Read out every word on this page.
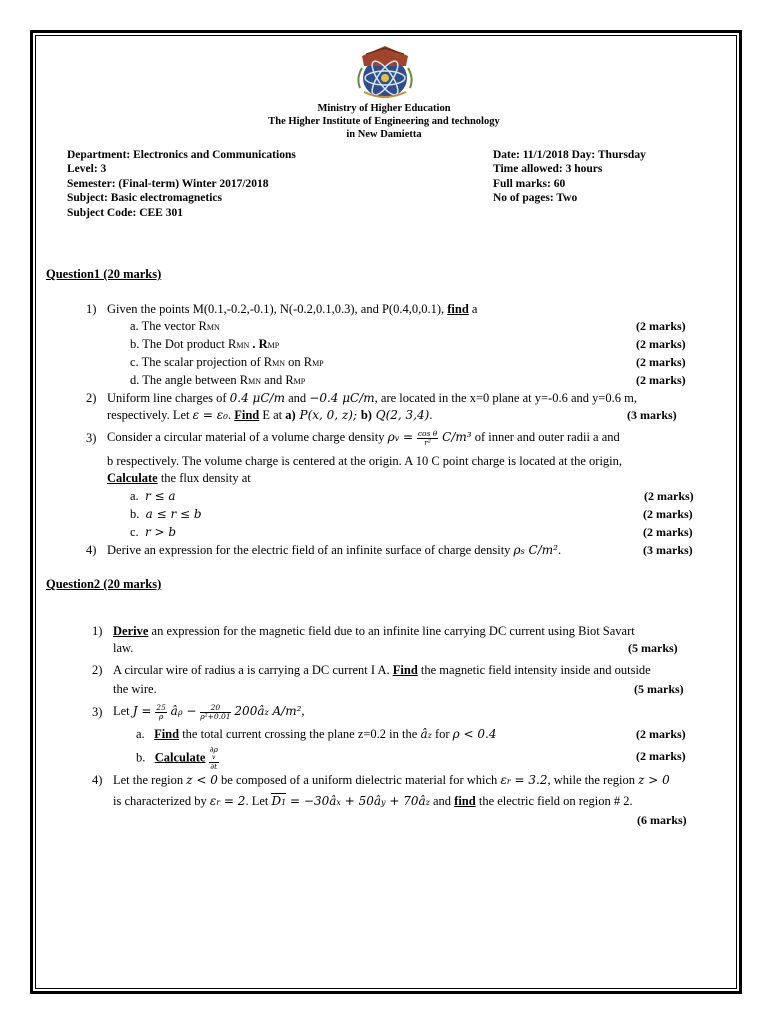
Ministry of Higher Education
The Higher Institute of Engineering and technology
in New Damietta
Department: Electronics and Communications
Level: 3
Semester: (Final-term) Winter 2017/2018
Subject: Basic electromagnetics
Subject Code: CEE 301
Date: 11/1/2018 Day: Thursday
Time allowed: 3 hours
Full marks: 60
No of pages: Two
Question1 (20 marks)
1) Given the points M(0.1,-0.2,-0.1), N(-0.2,0.1,0.3), and P(0.4,0,0.1), find a
a. The vector RMN	(2 marks)
b. The Dot product RMN . RMP	(2 marks)
c. The scalar projection of RMN on RMP	(2 marks)
d. The angle between RMN and RMP	(2 marks)
2) Uniform line charges of 0.4 μC/m and −0.4 μC/m, are located in the x=0 plane at y=-0.6 and y=0.6 m,
respectively. Let ε = ε₀. Find E at a) P(x, 0, z); b) Q(2, 3,4).	(3 marks)
3) Consider a circular material of a volume charge density $\rho v = \frac{\text{cos θ}}{\text{r²}} C/m^3$ of inner and outer radii a and
b respectively. The volume charge is centered at the origin. A 10 C point charge is located at the origin,
Calculate the flux density at
a. r ≤ a	(2 marks)
b. a ≤ r ≤ b	(2 marks)
c. r > b	(2 marks)
4) Derive an expression for the electric field of an infinite surface of charge density ρs C/m².	(3 marks)
Question2 (20 marks)
1) Derive an expression for the magnetic field due to an infinite line carrying DC current using Biot Savart
law.	(5 marks)
2) A circular wire of radius a is carrying a DC current I A. Find the magnetic field intensity inside and outside
the wire.	(5 marks)
3) Let $J = \frac{25}{\rho}$ âρ − $\frac{20}{\text{ρ²+0.01}}$ 200âz A/m²,
a. Find the total current crossing the plane z=0.2 in the âz for ρ < 0.4	(2 marks)
b. Calculate ∂ρ
v
∂t	(2 marks)
4) Let the region z < 0 be composed of a uniform dielectric material for which εr = 3.2, while the region z > 0
is characterized by εr = 2. Let D1 = −30âx + 50ây + 70âz and find the electric field on region # 2.
(6 marks)
